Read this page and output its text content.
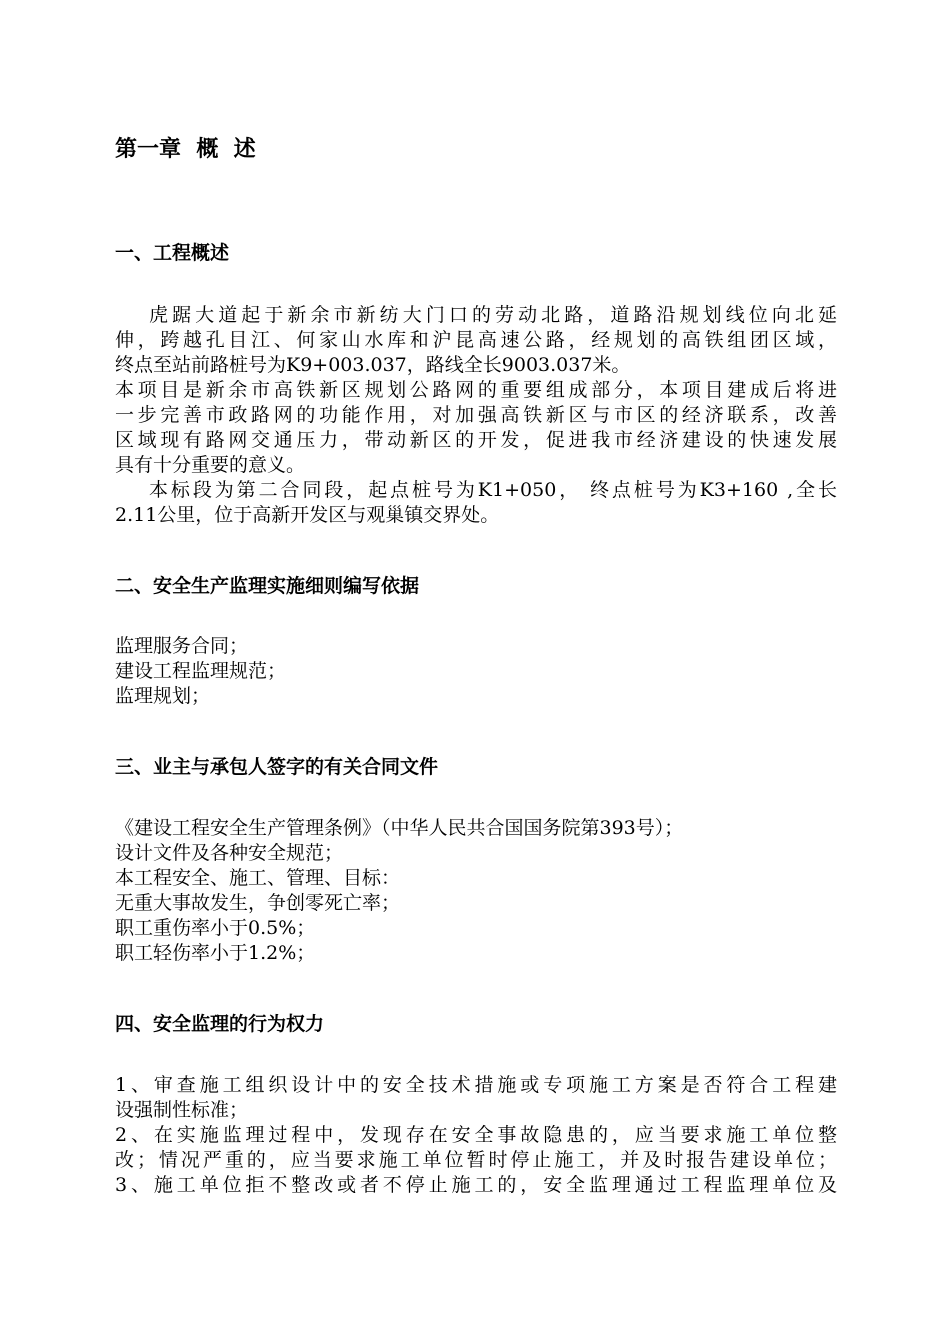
第一章  概  述
一、工程概述

虎踞大道起于新余市新纺大门口的劳动北路，道路沿规划线位向北延

伸，跨越孔目江、何家山水库和沪昆高速公路，经规划的高铁组团区域，

终点至站前路桩号为K9+003.037，路线全长9003.037米。

本项目是新余市高铁新区规划公路网的重要组成部分，本项目建成后将进

一步完善市政路网的功能作用，对加强高铁新区与市区的经济联系，改善

区域现有路网交通压力，带动新区的开发，促进我市经济建设的快速发展

具有十分重要的意义。

本标段为第二合同段，起点桩号为K1+050， 终点桩号为K3+160 ,全长

2.11公里，位于高新开发区与观巢镇交界处。

二、安全生产监理实施细则编写依据

监理服务合同；

建设工程监理规范；

监理规划；

三、业主与承包人签字的有关合同文件

《建设工程安全生产管理条例》（中华人民共合国国务院第393号）；

设计文件及各种安全规范；

本工程安全、施工、管理、目标：

无重大事故发生，争创零死亡率；

职工重伤率小于0.5%；

职工轻伤率小于1.2%；

四、安全监理的行为权力

1、审查施工组织设计中的安全技术措施或专项施工方案是否符合工程建

设强制性标准；

2、在实施监理过程中，发现存在安全事故隐患的，应当要求施工单位整

改；情况严重的，应当要求施工单位暂时停止施工，并及时报告建设单位；

3、施工单位拒不整改或者不停止施工的，安全监理通过工程监理单位及
